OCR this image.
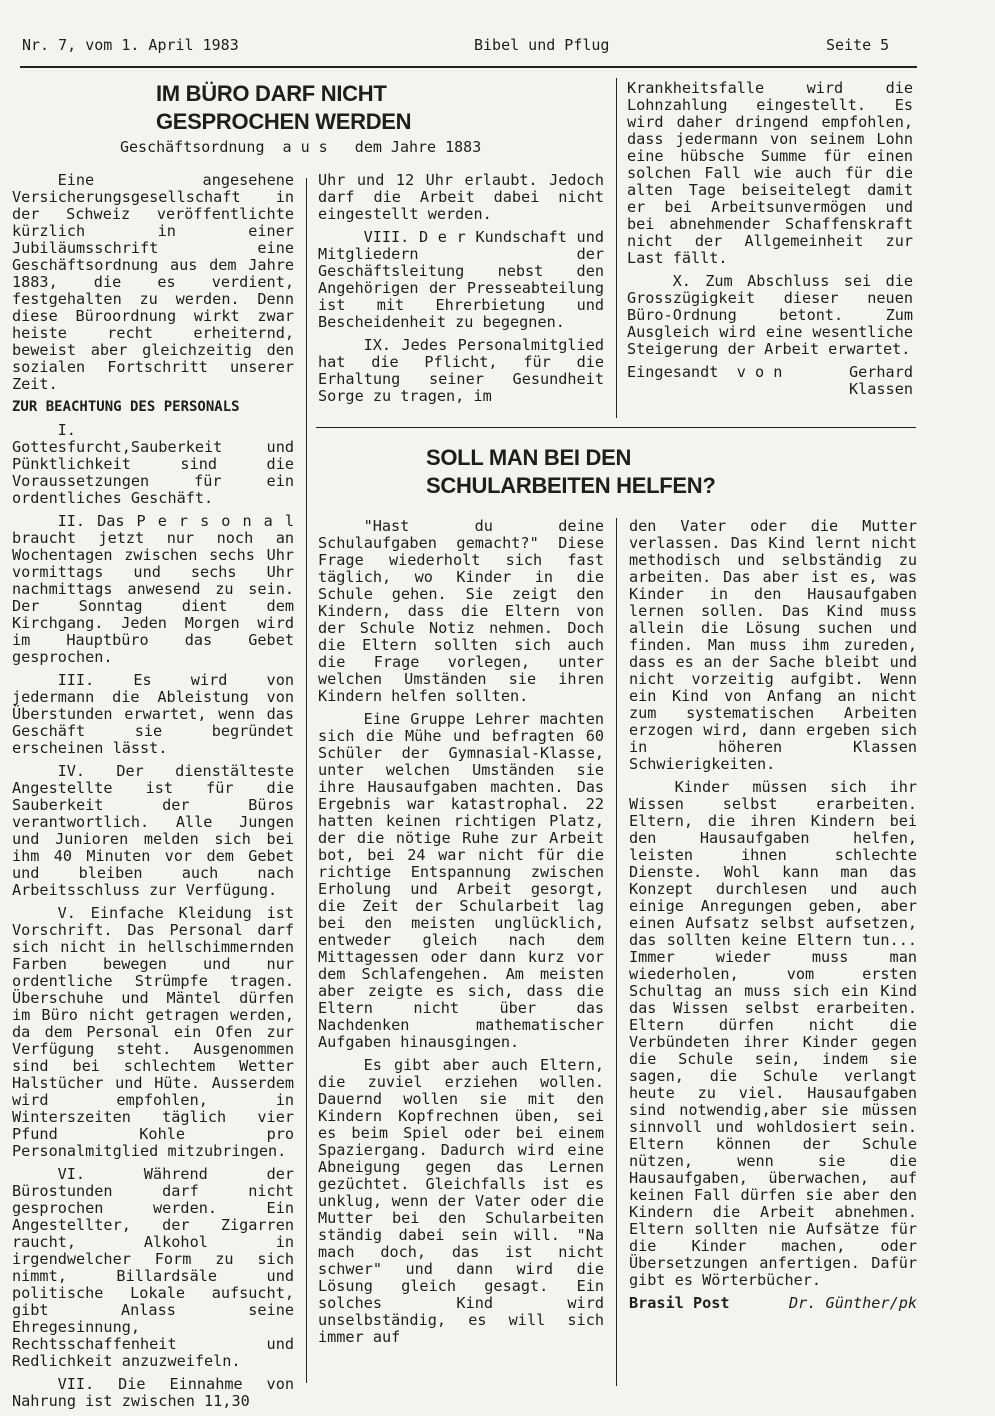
Nr. 7, vom 1. April 1983	Bibel und Pflug	Seite 5
IM BÜRO DARF NICHT
GESPROCHEN WERDEN
Geschäftsordnung  a u s   dem Jahre 1883

Eine angesehene Versicherungsgesellschaft in der Schweiz veröffentlichte kürzlich in einer Jubiläumsschrift eine Geschäftsordnung aus dem Jahre 1883, die es verdient, festgehalten zu werden. Denn diese Büroordnung wirkt zwar heiste recht erheiternd, beweist aber gleichzeitig den sozialen Fortschritt unserer Zeit.

ZUR BEACHTUNG DES PERSONALS

I. Gottesfurcht,Sauberkeit und Pünktlichkeit sind die Voraussetzungen für ein ordentliches Geschäft.

II. Das P e r s o n a l braucht jetzt nur noch an Wochentagen zwischen sechs Uhr vormittags und sechs Uhr nachmittags anwesend zu sein. Der Sonntag dient dem Kirchgang. Jeden Morgen wird im Hauptbüro das Gebet gesprochen.

III. Es wird von jedermann die Ableistung von Überstunden erwartet, wenn das Geschäft sie begründet erscheinen lässt.

IV. Der dienstälteste Angestellte ist für die Sauberkeit der Büros verantwortlich. Alle Jungen und Junioren melden sich bei ihm 40 Minuten vor dem Gebet und bleiben auch nach Arbeitsschluss zur Verfügung.

V. Einfache Kleidung ist Vorschrift. Das Personal darf sich nicht in hellschimmernden Farben bewegen und nur ordentliche Strümpfe tragen. Überschuhe und Mäntel dürfen im Büro nicht getragen werden, da dem Personal ein Ofen zur Verfügung steht. Ausgenommen sind bei schlechtem Wetter Halstücher und Hüte. Ausserdem wird empfohlen, in Winterszeiten täglich vier Pfund Kohle pro Personalmitglied mitzubringen.

VI. Während der Bürostunden darf nicht gesprochen werden. Ein Angestellter, der Zigarren raucht, Alkohol in irgendwelcher Form zu sich nimmt, Billardsäle und politische Lokale aufsucht, gibt Anlass seine Ehregesinnung, Rechtsschaffenheit und Redlichkeit anzuzweifeln.

VII. Die Einnahme von Nahrung ist zwischen 11,30

Uhr und 12 Uhr erlaubt. Jedoch darf die Arbeit dabei nicht eingestellt werden.

VIII. D e r Kundschaft und Mitgliedern der Geschäftsleitung nebst den Angehörigen der Presseabteilung ist mit Ehrerbietung und Bescheidenheit zu begegnen.

IX. Jedes Personalmitglied hat die Pflicht, für die Erhaltung seiner Gesundheit Sorge zu tragen, im

Krankheitsfalle wird die Lohnzahlung eingestellt. Es wird daher dringend empfohlen, dass jedermann von seinem Lohn eine hübsche Summe für einen solchen Fall wie auch für die alten Tage beiseitelegt damit er bei Arbeitsunvermögen und bei abnehmender Schaffenskraft nicht der Allgemeinheit zur Last fällt.

X. Zum Abschluss sei die Grosszügigkeit dieser neuen Büro-Ordnung betont. Zum Ausgleich wird eine wesentliche Steigerung der Arbeit erwartet.

Eingesandt  v o n	Gerhard
Klassen
SOLL MAN BEI DEN
SCHULARBEITEN HELFEN?

"Hast du deine Schulaufgaben gemacht?" Diese Frage wiederholt sich fast täglich, wo Kinder in die Schule gehen. Sie zeigt den Kindern, dass die Eltern von der Schule Notiz nehmen. Doch die Eltern sollten sich auch die Frage vorlegen, unter welchen Umständen sie ihren Kindern helfen sollten.

Eine Gruppe Lehrer machten sich die Mühe und befragten 60 Schüler der Gymnasial-Klasse, unter welchen Umständen sie ihre Hausaufgaben machten. Das Ergebnis war katastrophal. 22 hatten keinen richtigen Platz, der die nötige Ruhe zur Arbeit bot, bei 24 war nicht für die richtige Entspannung zwischen Erholung und Arbeit gesorgt, die Zeit der Schularbeit lag bei den meisten unglücklich, entweder gleich nach dem Mittagessen oder dann kurz vor dem Schlafengehen. Am meisten aber zeigte es sich, dass die Eltern nicht über das Nachdenken mathematischer Aufgaben hinausgingen.

Es gibt aber auch Eltern, die zuviel erziehen wollen. Dauernd wollen sie mit den Kindern Kopfrechnen üben, sei es beim Spiel oder bei einem Spaziergang. Dadurch wird eine Abneigung gegen das Lernen gezüchtet. Gleichfalls ist es unklug, wenn der Vater oder die Mutter bei den Schularbeiten ständig dabei sein will. "Na mach doch, das ist nicht schwer" und dann wird die Lösung gleich gesagt. Ein solches Kind wird unselbständig, es will sich immer auf

den Vater oder die Mutter verlassen. Das Kind lernt nicht methodisch und selbständig zu arbeiten. Das aber ist es, was Kinder in den Hausaufgaben lernen sollen. Das Kind muss allein die Lösung suchen und finden. Man muss ihm zureden, dass es an der Sache bleibt und nicht vorzeitig aufgibt. Wenn ein Kind von Anfang an nicht zum systematischen Arbeiten erzogen wird, dann ergeben sich in höheren Klassen Schwierigkeiten.

Kinder müssen sich ihr Wissen selbst erarbeiten. Eltern, die ihren Kindern bei den Hausaufgaben helfen, leisten ihnen schlechte Dienste. Wohl kann man das Konzept durchlesen und auch einige Anregungen geben, aber einen Aufsatz selbst aufsetzen, das sollten keine Eltern tun... Immer wieder muss man wiederholen, vom ersten Schultag an muss sich ein Kind das Wissen selbst erarbeiten. Eltern dürfen nicht die Verbündeten ihrer Kinder gegen die Schule sein, indem sie sagen, die Schule verlangt heute zu viel. Hausaufgaben sind notwendig,aber sie müssen sinnvoll und wohldosiert sein. Eltern können der Schule nützen, wenn sie die Hausaufgaben, überwachen, auf keinen Fall dürfen sie aber den Kindern die Arbeit abnehmen. Eltern sollten nie Aufsätze für die Kinder machen, oder Übersetzungen anfertigen. Dafür gibt es Wörterbücher.

Brasil Post	Dr. Günther/pk
